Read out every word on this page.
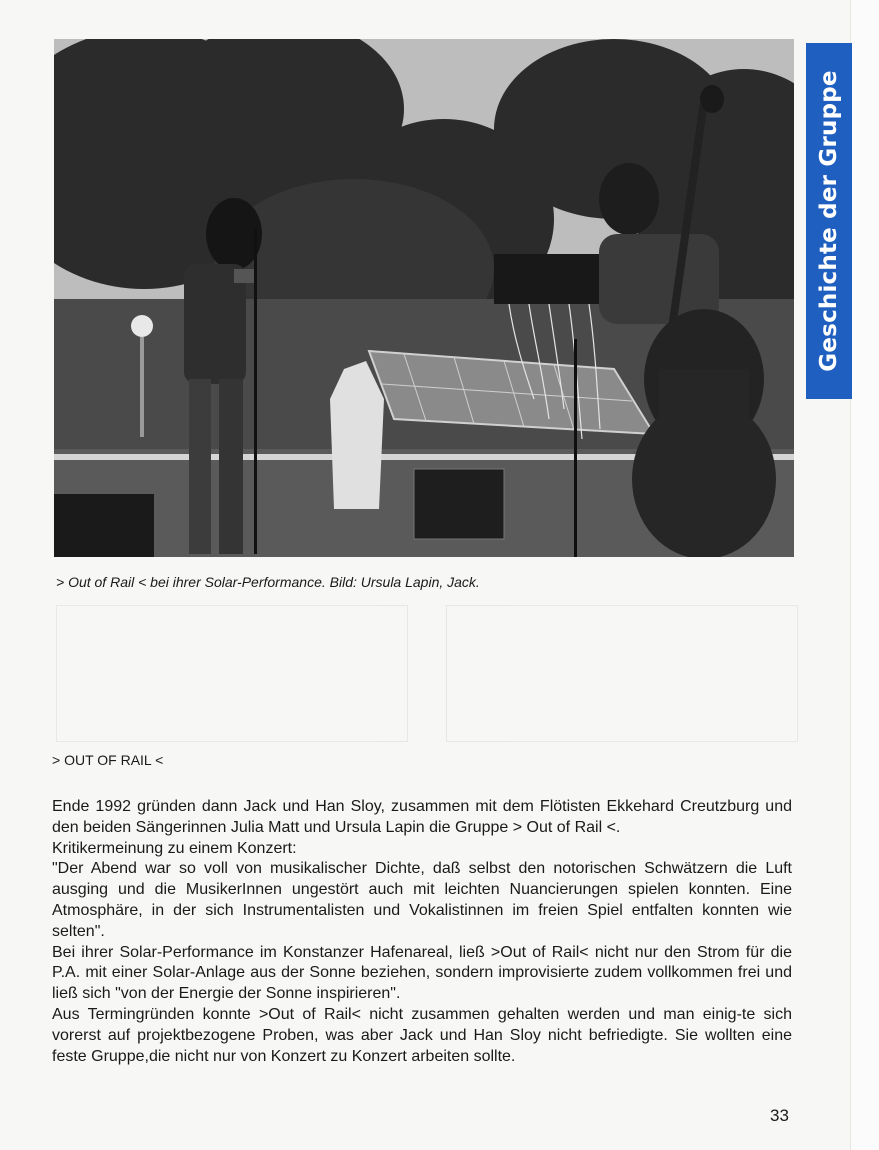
Geschichte der Gruppe
> Out of Rail < bei ihrer Solar-Performance. Bild: Ursula Lapin, Jack.
> OUT OF RAIL <

Ende 1992 gründen dann Jack und Han Sloy, zusammen mit dem Flötisten Ekkehard Creutzburg und den beiden Sängerinnen Julia Matt und Ursula Lapin die Gruppe > Out of Rail <.

Kritikermeinung zu einem Konzert:

"Der Abend war so voll von musikalischer Dichte, daß selbst den notorischen Schwätzern die Luft ausging und die MusikerInnen ungestört auch mit leichten Nuancierungen spielen konnten. Eine Atmosphäre, in der sich Instrumentalisten und Vokalistinnen im freien Spiel entfalten konnten wie selten".

Bei ihrer Solar-Performance im Konstanzer Hafenareal, ließ >Out of Rail< nicht nur den Strom für die P.A. mit einer Solar-Anlage aus der Sonne beziehen, sondern improvisierte zudem vollkommen frei und ließ sich "von der Energie der Sonne inspirieren".

Aus Termingründen konnte >Out of Rail< nicht zusammen gehalten werden und man einig-te sich vorerst auf projektbezogene Proben, was aber Jack und Han Sloy nicht befriedigte. Sie wollten eine feste Gruppe,die nicht nur von Konzert zu Konzert arbeiten sollte.

33
